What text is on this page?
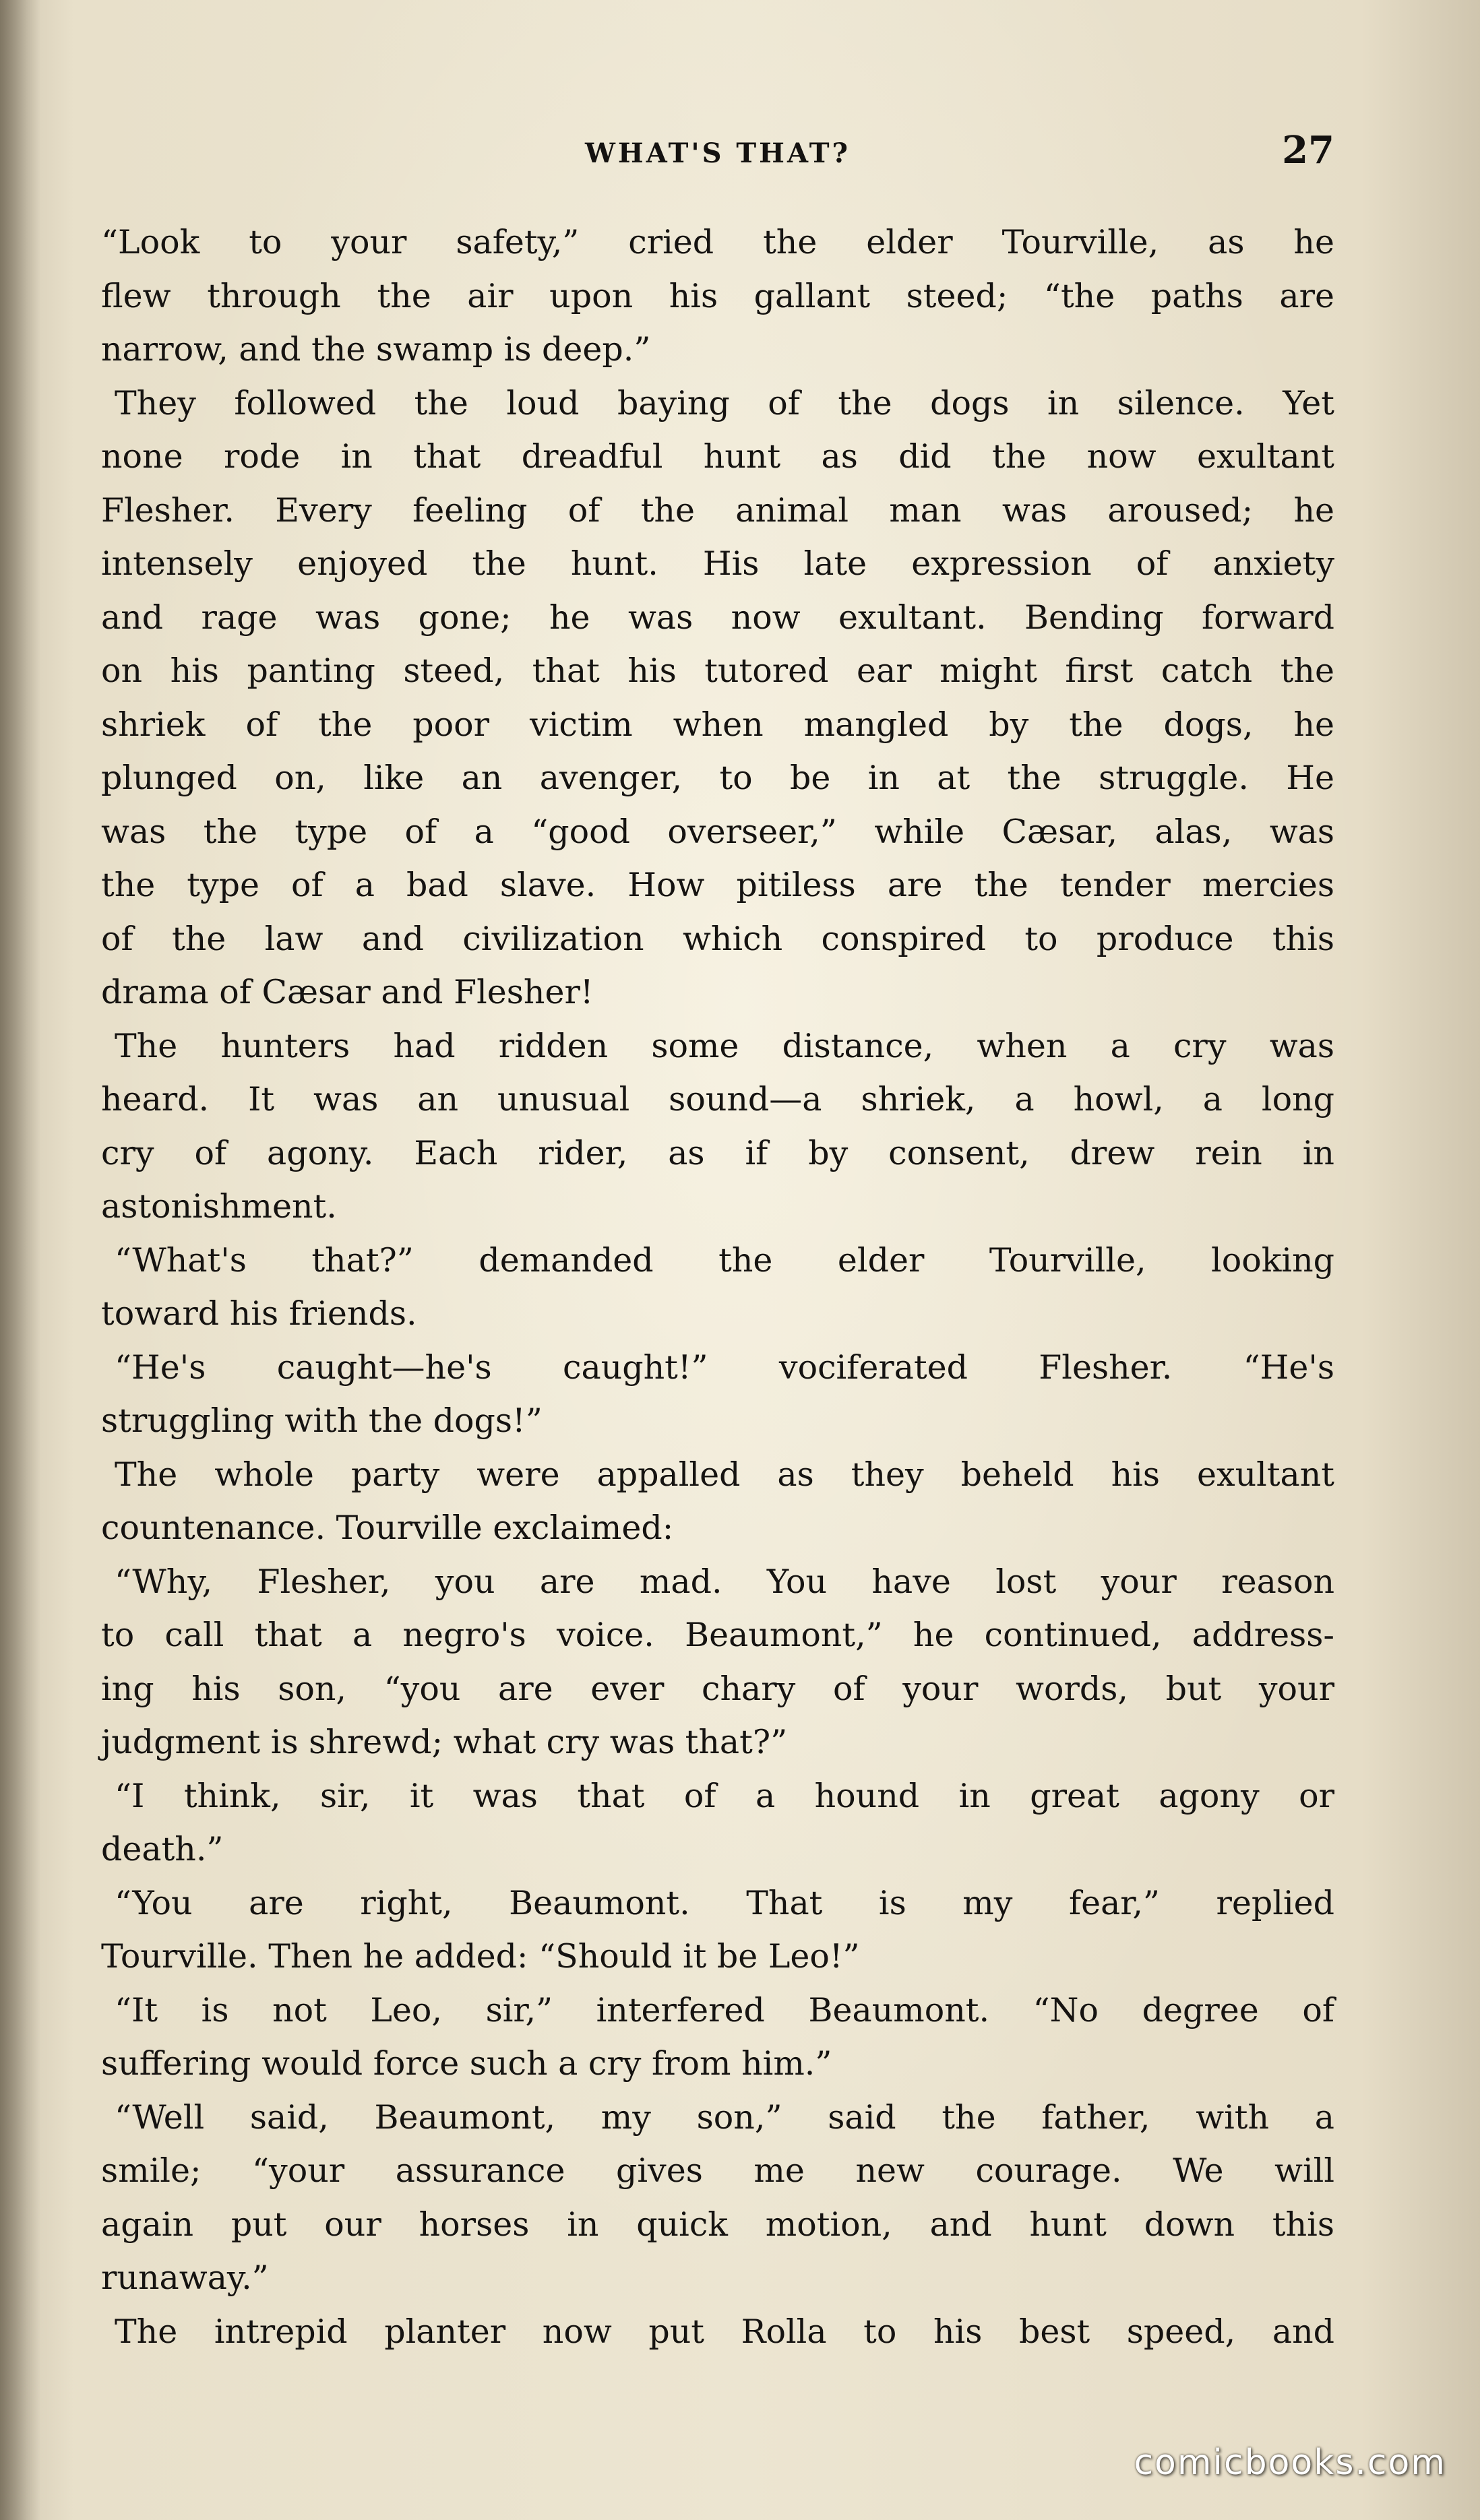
WHAT'S THAT?	27
“Look to your safety,” cried the elder Tourville, as he
flew through the air upon his gallant steed; “the paths are
narrow, and the swamp is deep.”
They followed the loud baying of the dogs in silence. Yet
none rode in that dreadful hunt as did the now exultant
Flesher. Every feeling of the animal man was aroused; he
intensely enjoyed the hunt. His late expression of anxiety
and rage was gone; he was now exultant. Bending forward
on his panting steed, that his tutored ear might first catch the
shriek of the poor victim when mangled by the dogs, he
plunged on, like an avenger, to be in at the struggle. He
was the type of a “good overseer,” while Cæsar, alas, was
the type of a bad slave. How pitiless are the tender mercies
of the law and civilization which conspired to produce this
drama of Cæsar and Flesher!
The hunters had ridden some distance, when a cry was
heard. It was an unusual sound—a shriek, a howl, a long
cry of agony. Each rider, as if by consent, drew rein in
astonishment.
“What's that?” demanded the elder Tourville, looking
toward his friends.
“He's caught—he's caught!” vociferated Flesher. “He's
struggling with the dogs!”
The whole party were appalled as they beheld his exultant
countenance. Tourville exclaimed:
“Why, Flesher, you are mad. You have lost your reason
to call that a negro's voice. Beaumont,” he continued, address-
ing his son, “you are ever chary of your words, but your
judgment is shrewd; what cry was that?”
“I think, sir, it was that of a hound in great agony or
death.”
“You are right, Beaumont. That is my fear,” replied
Tourville. Then he added: “Should it be Leo!”
“It is not Leo, sir,” interfered Beaumont. “No degree of
suffering would force such a cry from him.”
“Well said, Beaumont, my son,” said the father, with a
smile; “your assurance gives me new courage. We will
again put our horses in quick motion, and hunt down this
runaway.”
The intrepid planter now put Rolla to his best speed, and
comicbooks.com
